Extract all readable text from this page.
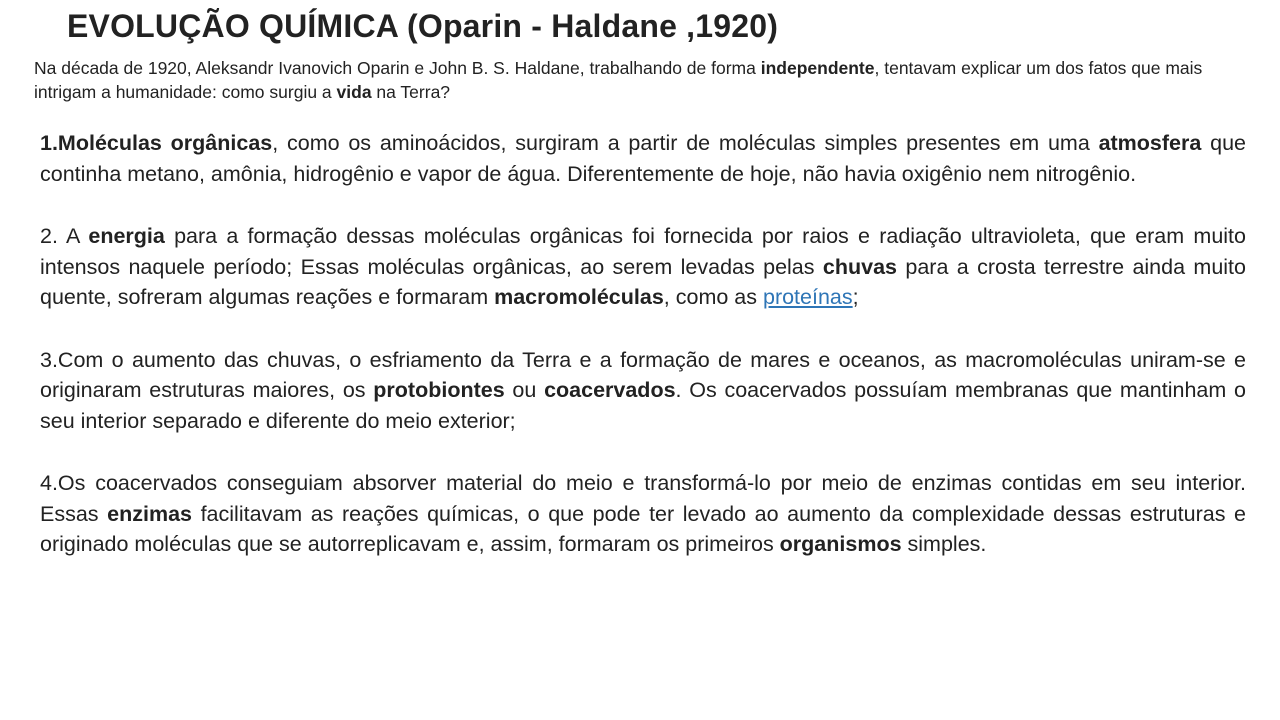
EVOLUÇÃO QUÍMICA (Oparin - Haldane ,1920)

Na década de 1920, Aleksandr Ivanovich Oparin e John B. S. Haldane, trabalhando de forma independente, tentavam explicar um dos fatos que mais intrigam a humanidade: como surgiu a vida na Terra?

1.Moléculas orgânicas, como os aminoácidos, surgiram a partir de moléculas simples presentes em uma atmosfera que continha metano, amônia, hidrogênio e vapor de água. Diferentemente de hoje, não havia oxigênio nem nitrogênio.

2. A energia para a formação dessas moléculas orgânicas foi fornecida por raios e radiação ultravioleta, que eram muito intensos naquele período; Essas moléculas orgânicas, ao serem levadas pelas chuvas para a crosta terrestre ainda muito quente, sofreram algumas reações e formaram macromoléculas, como as proteínas;

3.Com o aumento das chuvas, o esfriamento da Terra e a formação de mares e oceanos, as macromoléculas uniram-se e originaram estruturas maiores, os protobiontes ou coacervados. Os coacervados possuíam membranas que mantinham o seu interior separado e diferente do meio exterior;

4.Os coacervados conseguiam absorver material do meio e transformá-lo por meio de enzimas contidas em seu interior. Essas enzimas facilitavam as reações químicas, o que pode ter levado ao aumento da complexidade dessas estruturas e originado moléculas que se autorreplicavam e, assim, formaram os primeiros organismos simples.
